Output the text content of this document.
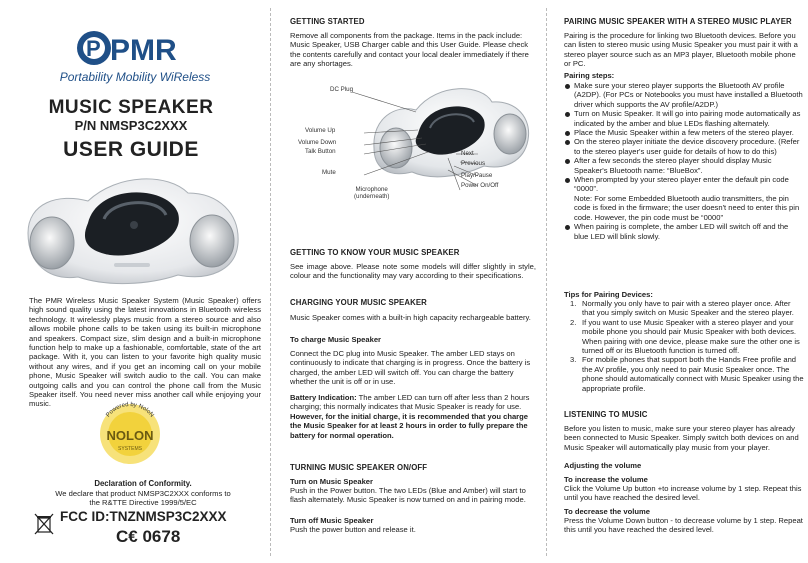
P PMR
Portability Mobility WiReless
MUSIC SPEAKER
P/N NMSP3C2XXX
USER GUIDE
The PMR Wireless Music Speaker System (Music Speaker) offers high sound quality using the latest innovations in Bluetooth wireless technology. It wirelessly plays music from a stereo source and also allows mobile phone calls to be taken using its built-in microphone and speakers. Compact size, slim design and a built-in microphone function help to make up a fashionable, comfortable, state of the art package. With it, you can listen to your favorite high quality music without any wires, and if you get an incoming call on your mobile phone, Music Speaker will switch audio to the call. You can make outgoing calls and you can control the phone call from the Music Speaker itself. You need never miss another call while enjoying your music.
Powered by NoloN
NOLON
SYSTEMS
Declaration of Conformity.
We declare that product NMSP3C2XXX conforms to
the R&TTE Directive 1999/5/EC
FCC ID:TNZNMSP3C2XXX
C€ 0678
GETTING STARTED
Remove all components from the package. Items in the pack include: Music Speaker, USB Charger cable and this User Guide. Please check the contents carefully and contact your local dealer immediately if there are any shortages.
DC Plug
Volume Up
Volume Down
Talk Button
Mute
Microphone
(underneath)
Next
Previous
Play/Pause
Power On/Off
GETTING TO KNOW YOUR MUSIC SPEAKER
See image above. Please note some models will differ slightly in style, colour and the functionality may vary according to their specifications.
CHARGING YOUR MUSIC SPEAKER
Music Speaker comes with a built-in high capacity rechargeable battery.
To charge Music Speaker
Connect the DC plug into Music Speaker. The amber LED stays on continuously to indicate that charging is in progress. Once the battery is charged, the amber LED will switch off. You can charge the battery whether the unit is off or in use.
Battery Indication: The amber LED can turn off after less than 2 hours charging; this normally indicates that Music Speaker is ready for use. However, for the initial charge, it is recommended that you charge the Music Speaker for at least 2 hours in order to fully prepare the battery for normal operation.
TURNING MUSIC SPEAKER ON/OFF
Turn on Music Speaker
Push in the Power button. The two LEDs (Blue and Amber) will start to flash alternately. Music Speaker is now turned on and in pairing mode.
Turn off Music Speaker
Push the power button and release it.
PAIRING MUSIC SPEAKER WITH A STEREO MUSIC PLAYER
Pairing is the procedure for linking two Bluetooth devices. Before you can listen to stereo music using Music Speaker you must pair it with a stereo player source such as an MP3 player, Bluetooth mobile phone or PC.
Pairing steps:
Make sure your stereo player supports the Bluetooth AV profile (A2DP). (For PCs or Notebooks you must have installed a Bluetooth driver which supports the AV profile/A2DP.)
Turn on Music Speaker. It will go into pairing mode automatically as indicated by the amber and blue LEDs flashing alternately.
Place the Music Speaker within a few meters of the stereo player.
On the stereo player initiate the device discovery procedure. (Refer to the stereo player's user guide for details of how to do this)
After a few seconds the stereo player should display Music Speaker's Bluetooth name: “BlueBox”.
When prompted by your stereo player enter the default pin code “0000”.
Note: For some Embedded Bluetooth audio transmitters, the pin code is fixed in the firmware; the user doesn't need to enter this pin code. However, the pin code must be “0000”
When pairing is complete, the amber LED will switch off and the blue LED will blink slowly.
Tips for Pairing Devices:
1. Normally you only have to pair with a stereo player once. After that you simply switch on Music Speaker and the stereo player.
2. If you want to use Music Speaker with a stereo player and your mobile phone you should pair Music Speaker with both devices. When pairing with one device, please make sure the other one is turned off or its Bluetooth function is turned off.
3. For mobile phones that support both the Hands Free profile and the AV profile, you only need to pair Music Speaker once. The phone should automatically connect with Music Speaker using the appropriate profile.
LISTENING TO MUSIC
Before you listen to music, make sure your stereo player has already been connected to Music Speaker. Simply switch both devices on and Music Speaker will automatically play music from your player.
Adjusting the volume
To increase the volume
Click the Volume Up button +to increase volume by 1 step. Repeat this until you have reached the desired level.
To decrease the volume
Press the Volume Down button - to decrease volume by 1 step. Repeat this until you have reached the desired level.
